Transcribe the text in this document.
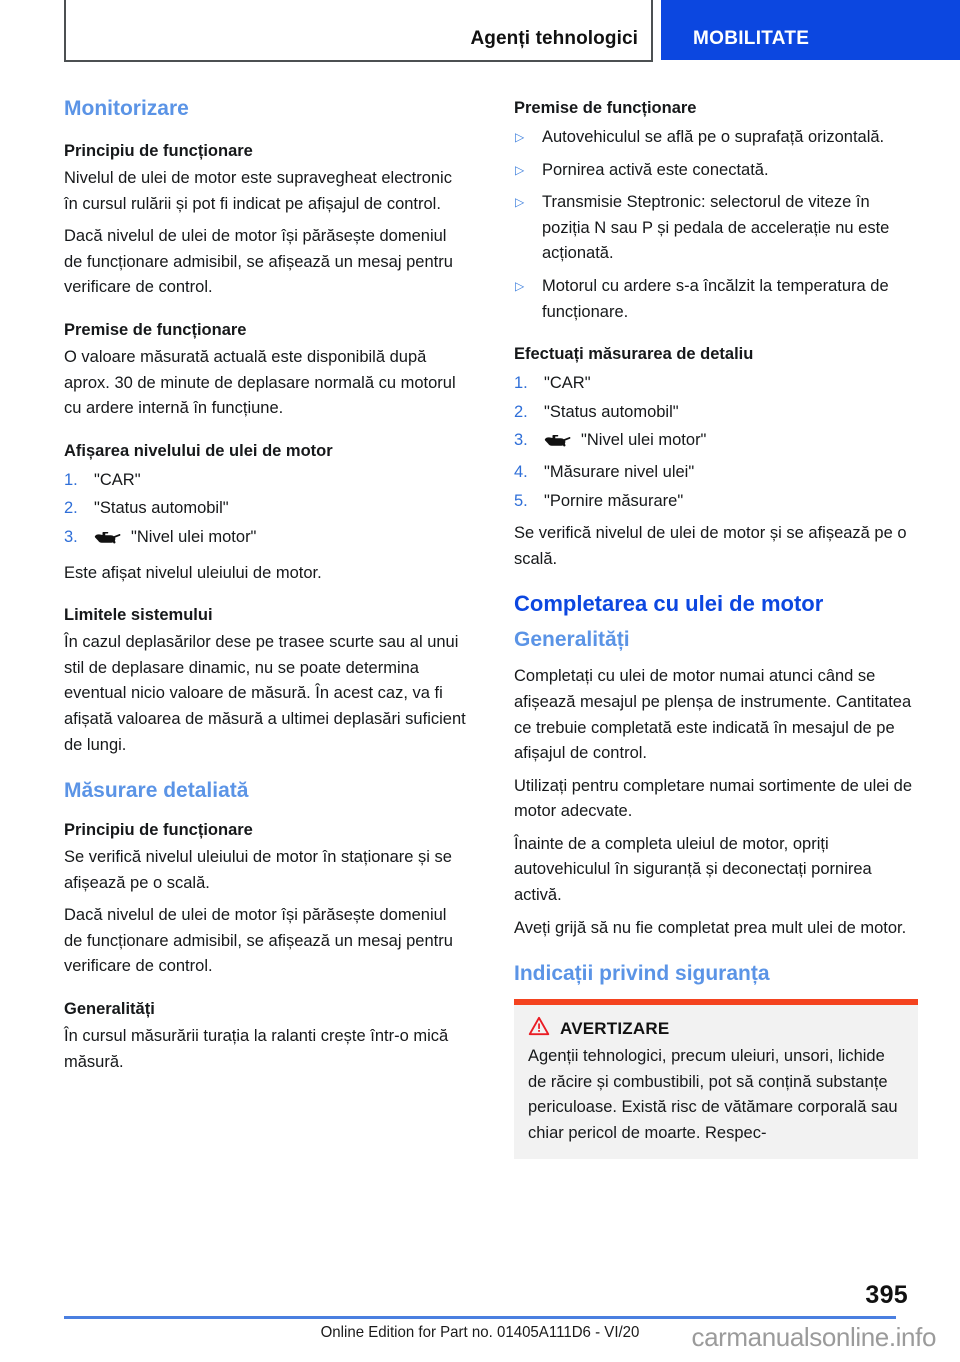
Agenți tehnologici	MOBILITATE
Monitorizare
Principiu de funcționare

Nivelul de ulei de motor este supravegheat electronic în cursul rulării și pot fi indicat pe afișajul de control.

Dacă nivelul de ulei de motor își părăsește domeniul de funcționare admisibil, se afișează un mesaj pentru verificare de control.

Premise de funcționare

O valoare măsurată actuală este disponibilă după aprox. 30 de minute de deplasare normală cu motorul cu ardere internă în funcțiune.

Afișarea nivelului de ulei de motor
1. "CAR"
2. "Status automobil"
3.	"Nivel ulei motor"

Este afișat nivelul uleiului de motor.

Limitele sistemului

În cazul deplasărilor dese pe trasee scurte sau al unui stil de deplasare dinamic, nu se poate determina eventual nicio valoare de măsură. În acest caz, va fi afișată valoarea de măsură a ultimei deplasări suficient de lungi.

Măsurare detaliată
Principiu de funcționare

Se verifică nivelul uleiului de motor în staționare și se afișează pe o scală.

Dacă nivelul de ulei de motor își părăsește domeniul de funcționare admisibil, se afișează un mesaj pentru verificare de control.

Generalități

În cursul măsurării turația la ralanti crește într-o mică măsură.

Premise de funcționare
▷	Autovehiculul se află pe o suprafață orizontală.
▷	Pornirea activă este conectată.
▷	Transmisie Steptronic: selectorul de viteze în poziția N sau P și pedala de accelerație nu este acționată.
▷	Motorul cu ardere s-a încălzit la temperatura de funcționare.
Efectuați măsurarea de detaliu
1. "CAR"
2. "Status automobil"
3.	"Nivel ulei motor"
4. "Măsurare nivel ulei"
5. "Pornire măsurare"

Se verifică nivelul de ulei de motor și se afișează pe o scală.

Completarea cu ulei de motor
Generalități

Completați cu ulei de motor numai atunci când se afișează mesajul pe plenșa de instrumente. Cantitatea ce trebuie completată este indicată în mesajul de pe afișajul de control.

Utilizați pentru completare numai sortimente de ulei de motor adecvate.

Înainte de a completa uleiul de motor, opriți autovehiculul în siguranță și deconectați pornirea activă.

Aveți grijă să nu fie completat prea mult ulei de motor.

Indicații privind siguranța
AVERTIZARE
Agenții tehnologici, precum uleiuri, unsori, lichide de răcire și combustibili, pot să conțină substanțe periculoase. Există risc de vătămare corporală sau chiar pericol de moarte. Respec-
395
Online Edition for Part no. 01405A111D6 - VI/20	carmanualsonline.info
